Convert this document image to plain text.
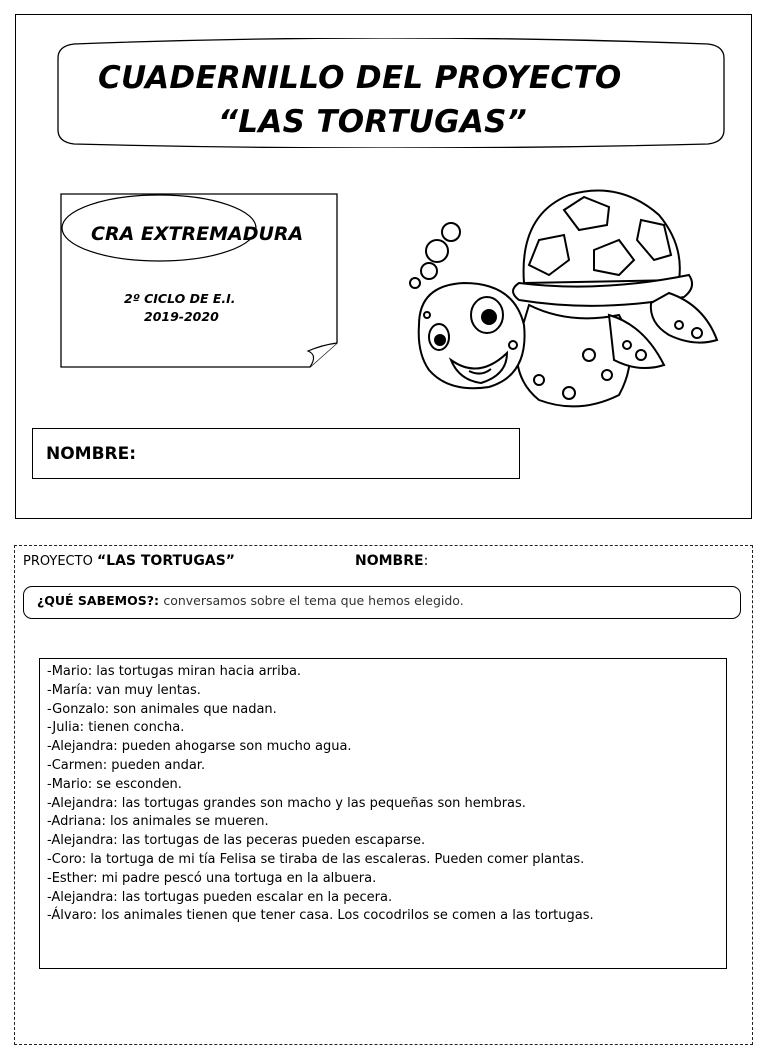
CUADERNILLO DEL PROYECTO
“LAS TORTUGAS”
CRA EXTREMADURA
2º CICLO DE E.I.
2019-2020
NOMBRE:
PROYECTO “LAS TORTUGAS”	NOMBRE:
¿QUÉ SABEMOS?: conversamos sobre el tema que hemos elegido.
-Mario: las tortugas miran hacia arriba.
-María: van muy lentas.
-Gonzalo: son animales que nadan.
-Julia: tienen concha.
-Alejandra: pueden ahogarse son mucho agua.
-Carmen: pueden andar.
-Mario: se esconden.
-Alejandra: las tortugas grandes son macho y las pequeñas son hembras.
-Adriana: los animales se mueren.
-Alejandra: las tortugas de las peceras pueden escaparse.
-Coro: la tortuga de mi tía Felisa se tiraba de las escaleras. Pueden comer plantas.
-Esther: mi padre pescó una tortuga en la albuera.
-Alejandra: las tortugas pueden escalar en la pecera.
-Álvaro: los animales tienen que tener casa. Los cocodrilos se comen a las tortugas.
